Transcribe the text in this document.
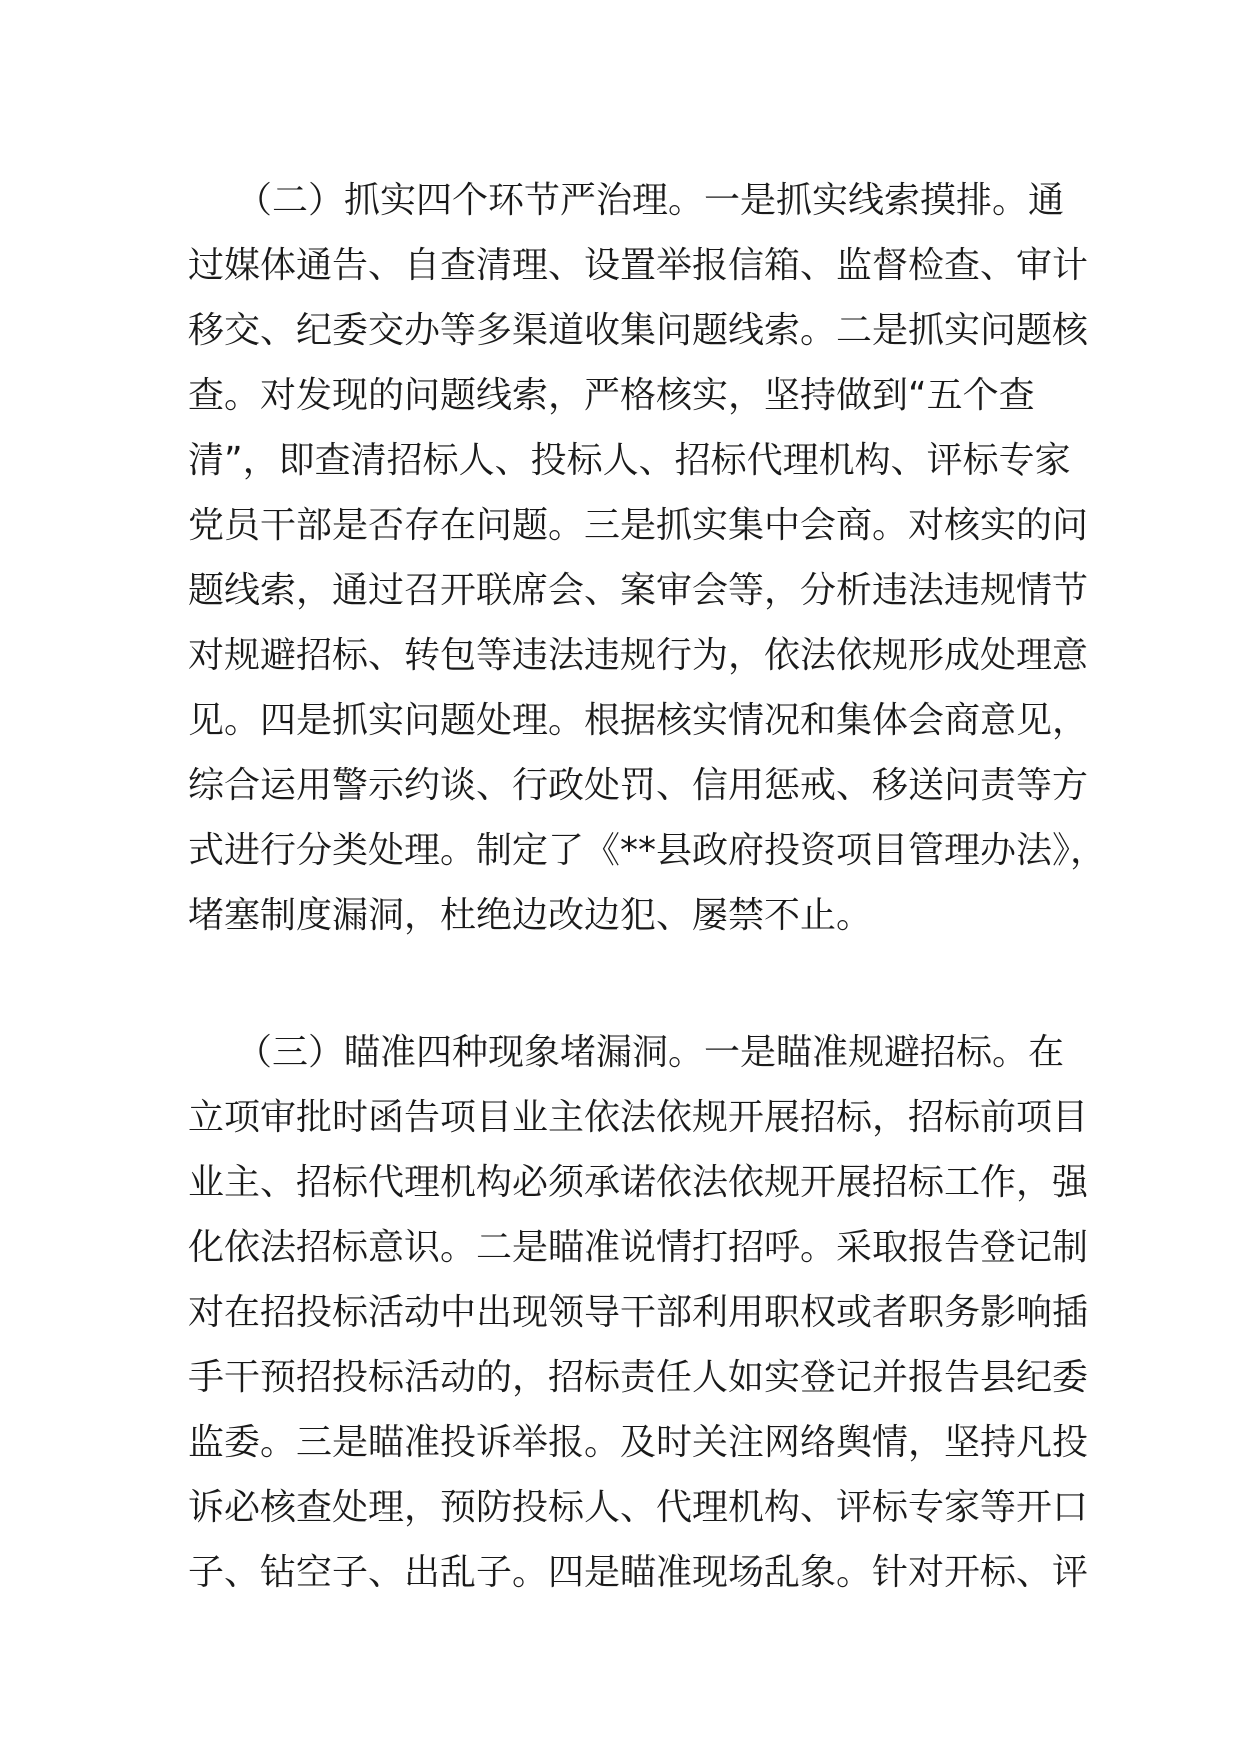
（二）抓实四个环节严治理。一是抓实线索摸排。通
过媒体通告、自查清理、设置举报信箱、监督检查、审计
移交、纪委交办等多渠道收集问题线索。二是抓实问题核
查。对发现的问题线索，严格核实，坚持做到“五个查
清”，即查清招标人、投标人、招标代理机构、评标专家
党员干部是否存在问题。三是抓实集中会商。对核实的问
题线索，通过召开联席会、案审会等，分析违法违规情节
对规避招标、转包等违法违规行为，依法依规形成处理意
见。四是抓实问题处理。根据核实情况和集体会商意见，
综合运用警示约谈、行政处罚、信用惩戒、移送问责等方
式进行分类处理。制定了《**县政府投资项目管理办法》，
堵塞制度漏洞，杜绝边改边犯、屡禁不止。
（三）瞄准四种现象堵漏洞。一是瞄准规避招标。在
立项审批时函告项目业主依法依规开展招标，招标前项目
业主、招标代理机构必须承诺依法依规开展招标工作，强
化依法招标意识。二是瞄准说情打招呼。采取报告登记制
对在招投标活动中出现领导干部利用职权或者职务影响插
手干预招投标活动的，招标责任人如实登记并报告县纪委
监委。三是瞄准投诉举报。及时关注网络舆情，坚持凡投
诉必核查处理，预防投标人、代理机构、评标专家等开口
子、钻空子、出乱子。四是瞄准现场乱象。针对开标、评
